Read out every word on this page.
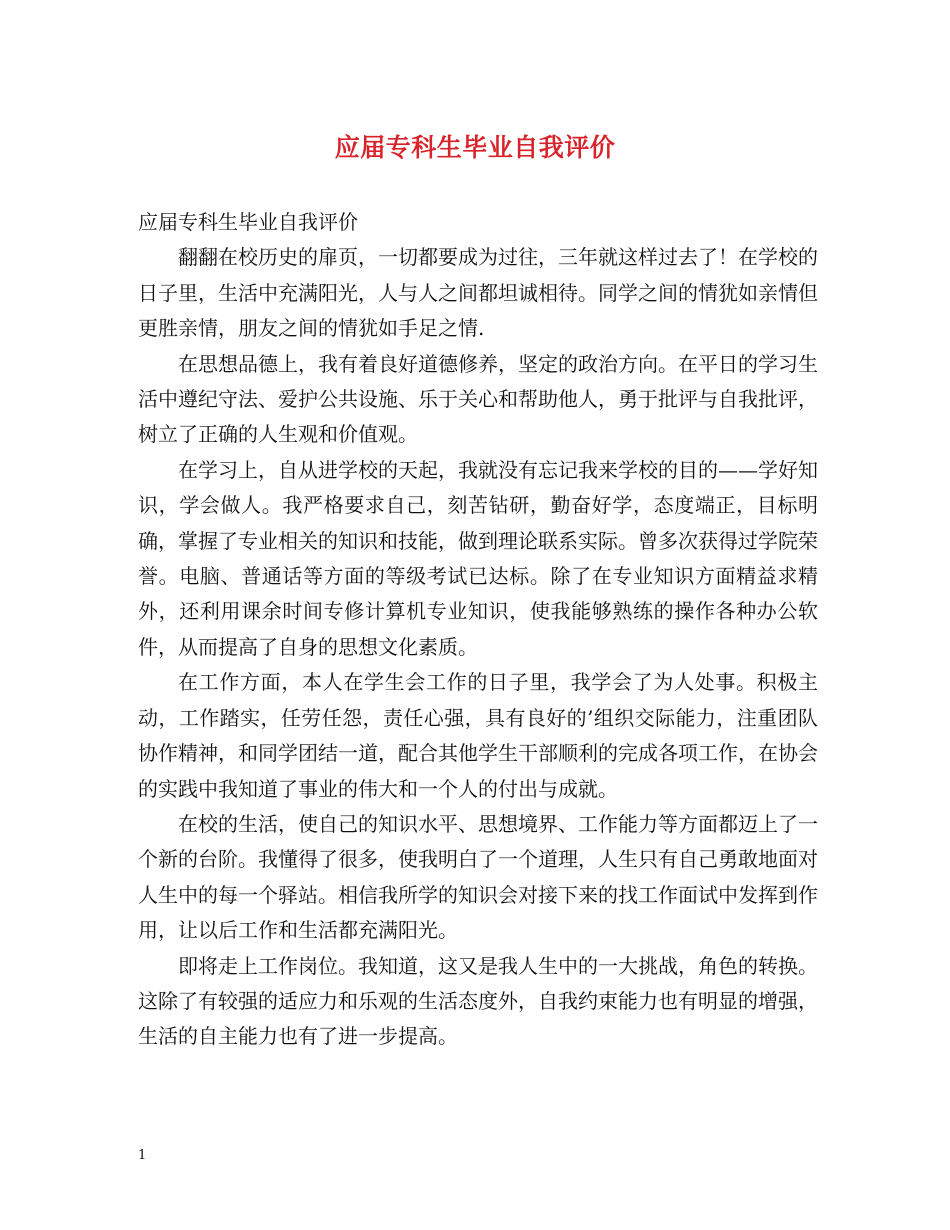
应届专科生毕业自我评价

应届专科生毕业自我评价

翻翻在校历史的扉页，一切都要成为过往，三年就这样过去了！在学校的日子里，生活中充满阳光，人与人之间都坦诚相待。同学之间的情犹如亲情但更胜亲情，朋友之间的情犹如手足之情.

在思想品德上，我有着良好道德修养，坚定的政治方向。在平日的学习生活中遵纪守法、爱护公共设施、乐于关心和帮助他人，勇于批评与自我批评，树立了正确的人生观和价值观。

在学习上，自从进学校的天起，我就没有忘记我来学校的目的——学好知识，学会做人。我严格要求自己，刻苦钻研，勤奋好学，态度端正，目标明确，掌握了专业相关的知识和技能，做到理论联系实际。曾多次获得过学院荣誉。电脑、普通话等方面的等级考试已达标。除了在专业知识方面精益求精外，还利用课余时间专修计算机专业知识，使我能够熟练的操作各种办公软件，从而提高了自身的思想文化素质。

在工作方面，本人在学生会工作的日子里，我学会了为人处事。积极主动，工作踏实，任劳任怨，责任心强，具有良好的’组织交际能力，注重团队协作精神，和同学团结一道，配合其他学生干部顺利的完成各项工作，在协会的实践中我知道了事业的伟大和一个人的付出与成就。

在校的生活，使自己的知识水平、思想境界、工作能力等方面都迈上了一个新的台阶。我懂得了很多，使我明白了一个道理，人生只有自己勇敢地面对人生中的每一个驿站。相信我所学的知识会对接下来的找工作面试中发挥到作用，让以后工作和生活都充满阳光。

即将走上工作岗位。我知道，这又是我人生中的一大挑战，角色的转换。这除了有较强的适应力和乐观的生活态度外，自我约束能力也有明显的增强，生活的自主能力也有了进一步提高。

1
